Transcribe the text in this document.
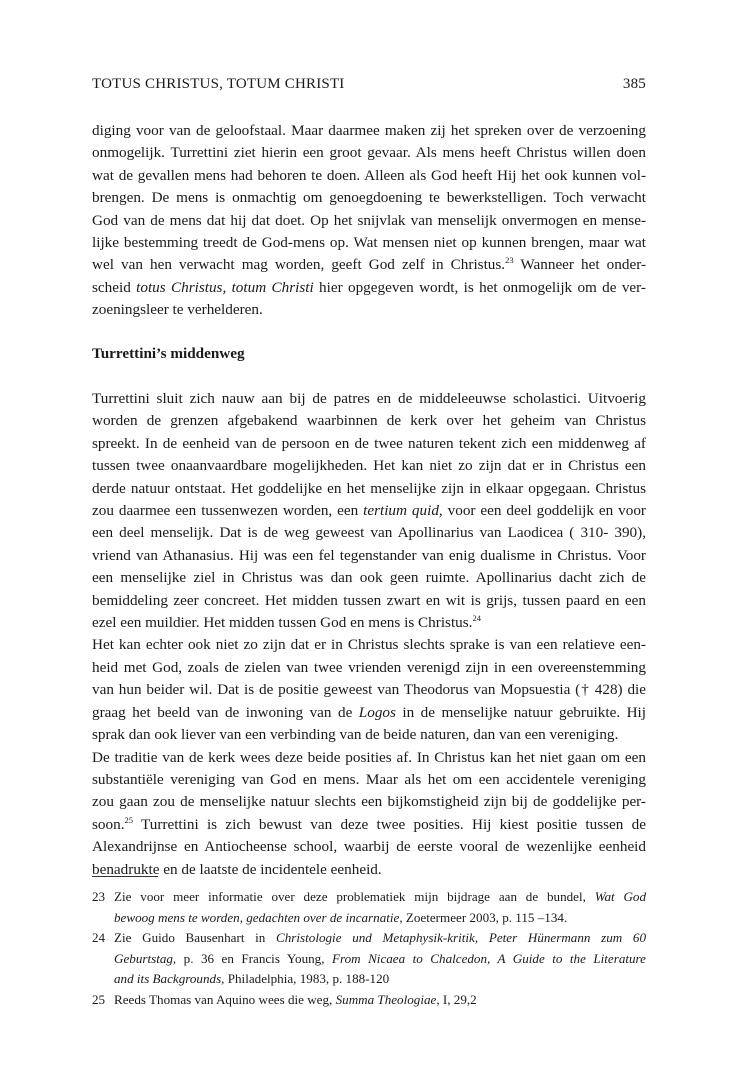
TOTUS CHRISTUS, TOTUM CHRISTI	385
diging voor van de geloofstaal. Maar daarmee maken zij het spreken over de verzoening
onmogelijk. Turrettini ziet hierin een groot gevaar. Als mens heeft Christus willen doen
wat de gevallen mens had behoren te doen. Alleen als God heeft Hij het ook kunnen vol-
brengen. De mens is onmachtig om genoegdoening te bewerkstelligen. Toch verwacht
God van de mens dat hij dat doet. Op het snijvlak van menselijk onvermogen en mense-
lijke bestemming treedt de God-mens op. Wat mensen niet op kunnen brengen, maar wat
wel van hen verwacht mag worden, geeft God zelf in Christus.$^{23}$ Wanneer het onder-
scheid totus Christus, totum Christi hier opgegeven wordt, is het onmogelijk om de ver-
zoeningsleer te verhelderen.
Turrettini’s middenweg
Turrettini sluit zich nauw aan bij de patres en de middeleeuwse scholastici. Uitvoerig
worden de grenzen afgebakend waarbinnen de kerk over het geheim van Christus
spreekt. In de eenheid van de persoon en de twee naturen tekent zich een middenweg af
tussen twee onaanvaardbare mogelijkheden. Het kan niet zo zijn dat er in Christus een
derde natuur ontstaat. Het goddelijke en het menselijke zijn in elkaar opgegaan. Christus
zou daarmee een tussenwezen worden, een tertium quid, voor een deel goddelijk en voor
een deel menselijk. Dat is de weg geweest van Apollinarius van Laodicea ( 310- 390),
vriend van Athanasius. Hij was een fel tegenstander van enig dualisme in Christus. Voor
een menselijke ziel in Christus was dan ook geen ruimte. Apollinarius dacht zich de
bemiddeling zeer concreet. Het midden tussen zwart en wit is grijs, tussen paard en een
ezel een muildier. Het midden tussen God en mens is Christus.$^{24}$
Het kan echter ook niet zo zijn dat er in Christus slechts sprake is van een relatieve een-
heid met God, zoals de zielen van twee vrienden verenigd zijn in een overeenstemming
van hun beider wil. Dat is de positie geweest van Theodorus van Mopsuestia († 428) die
graag het beeld van de inwoning van de Logos in de menselijke natuur gebruikte. Hij
sprak dan ook liever van een verbinding van de beide naturen, dan van een vereniging.
De traditie van de kerk wees deze beide posities af. In Christus kan het niet gaan om een
substantiële vereniging van God en mens. Maar als het om een accidentele vereniging
zou gaan zou de menselijke natuur slechts een bijkomstigheid zijn bij de goddelijke per-
soon.$^{25}$ Turrettini is zich bewust van deze twee posities. Hij kiest positie tussen de
Alexandrijnse en Antiocheense school, waarbij de eerste vooral de wezenlijke eenheid
benadrukte en de laatste de incidentele eenheid.
23 Zie voor meer informatie over deze problematiek mijn bijdrage aan de bundel, Wat God
bewoog mens te worden, gedachten over de incarnatie, Zoetermeer 2003, p. 115 –134.
24 Zie Guido Bausenhart in Christologie und Metaphysik-kritik, Peter Hünermann zum 60
Geburtstag, p. 36 en Francis Young, From Nicaea to Chalcedon, A Guide to the Literature
and its Backgrounds, Philadelphia, 1983, p. 188-120
25 Reeds Thomas van Aquino wees die weg, Summa Theologiae, I, 29,2
